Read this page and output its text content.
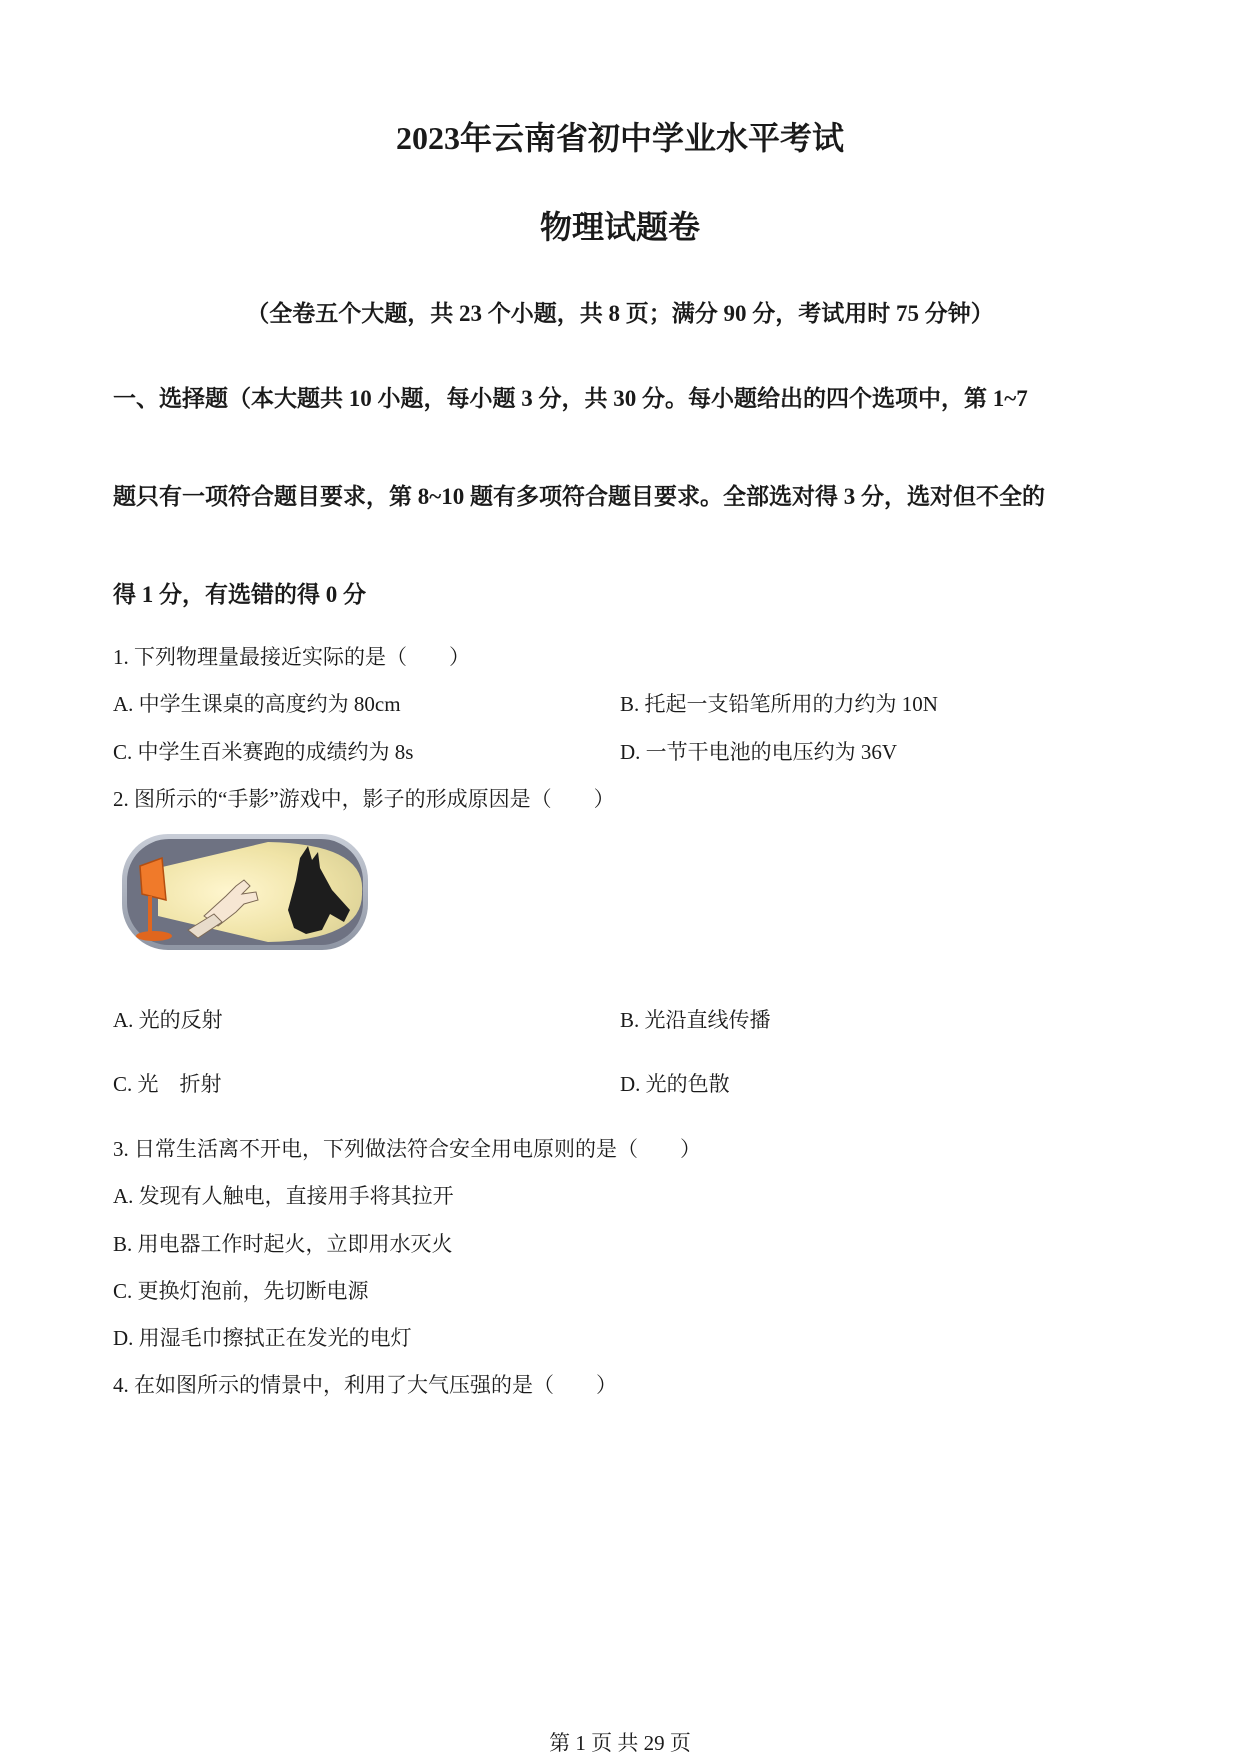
2023年云南省初中学业水平考试
物理试题卷
（全卷五个大题，共 23 个小题，共 8 页；满分 90 分，考试用时 75 分钟）
一、选择题（本大题共 10 小题，每小题 3 分，共 30 分。每小题给出的四个选项中，第 1~7
题只有一项符合题目要求，第 8~10 题有多项符合题目要求。全部选对得 3 分，选对但不全的
得 1 分，有选错的得 0 分
1. 下列物理量最接近实际的是（　　）
A. 中学生课桌的高度约为 80cm	B. 托起一支铅笔所用的力约为 10N
C. 中学生百米赛跑的成绩约为 8s	D. 一节干电池的电压约为 36V
2. 图所示的“手影”游戏中，影子的形成原因是（　　）
A. 光的反射	B. 光沿直线传播
C. 光　折射	D. 光的色散
3. 日常生活离不开电，下列做法符合安全用电原则的是（　　）
A. 发现有人触电，直接用手将其拉开
B. 用电器工作时起火，立即用水灭火
C. 更换灯泡前，先切断电源
D. 用湿毛巾擦拭正在发光的电灯
4. 在如图所示的情景中，利用了大气压强的是（　　）
第 1 页 共 29 页
